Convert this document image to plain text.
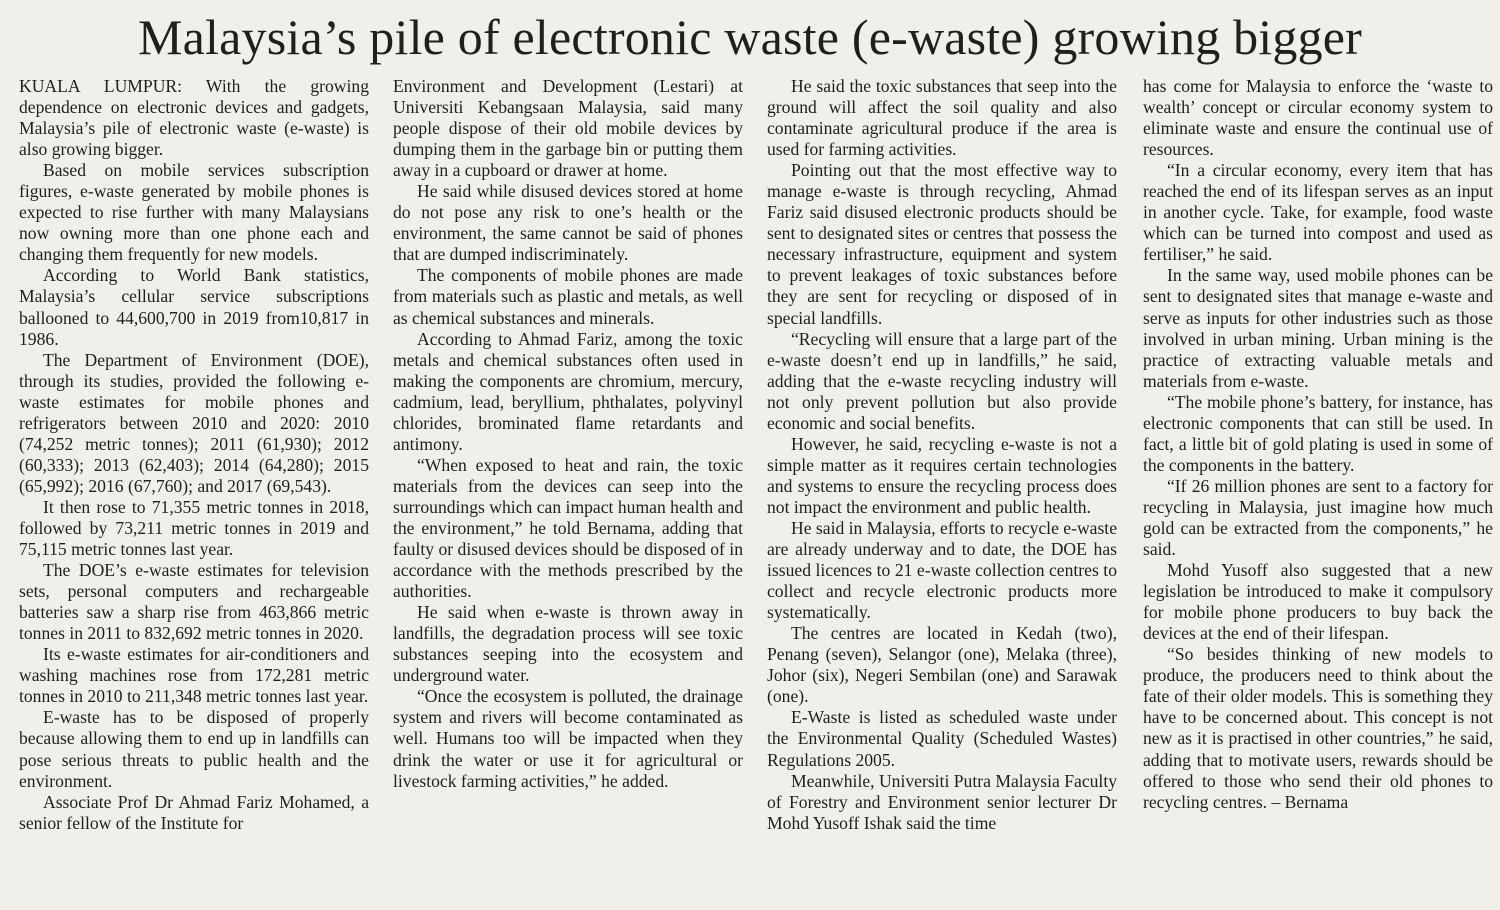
Malaysia’s pile of electronic waste (e-waste) growing bigger

KUALA LUMPUR: With the growing dependence on electronic devices and gadgets, Malaysia’s pile of electronic waste (e-waste) is also growing bigger.

Based on mobile services subscription figures, e-waste generated by mobile phones is expected to rise further with many Malaysians now owning more than one phone each and changing them frequently for new models.

According to World Bank statistics, Malaysia’s cellular service subscriptions ballooned to 44,600,700 in 2019 from10,817 in 1986.

The Department of Environment (DOE), through its studies, provided the following e-waste estimates for mobile phones and refrigerators between 2010 and 2020: 2010 (74,252 metric tonnes); 2011 (61,930); 2012 (60,333); 2013 (62,403); 2014 (64,280); 2015 (65,992); 2016 (67,760); and 2017 (69,543).

It then rose to 71,355 metric tonnes in 2018, followed by 73,211 metric tonnes in 2019 and 75,115 metric tonnes last year.

The DOE’s e-waste estimates for television sets, personal computers and rechargeable batteries saw a sharp rise from 463,866 metric tonnes in 2011 to 832,692 metric tonnes in 2020.

Its e-waste estimates for air-conditioners and washing machines rose from 172,281 metric tonnes in 2010 to 211,348 metric tonnes last year.

E-waste has to be disposed of properly because allowing them to end up in landfills can pose serious threats to public health and the environment.

Associate Prof Dr Ahmad Fariz Mohamed, a senior fellow of the Institute for

Environment and Development (Lestari) at Universiti Kebangsaan Malaysia, said many people dispose of their old mobile devices by dumping them in the garbage bin or putting them away in a cupboard or drawer at home.

He said while disused devices stored at home do not pose any risk to one’s health or the environment, the same cannot be said of phones that are dumped indiscriminately.

The components of mobile phones are made from materials such as plastic and metals, as well as chemical substances and minerals.

According to Ahmad Fariz, among the toxic metals and chemical substances often used in making the components are chromium, mercury, cadmium, lead, beryllium, phthalates, polyvinyl chlorides, brominated flame retardants and antimony.

“When exposed to heat and rain, the toxic materials from the devices can seep into the surroundings which can impact human health and the environment,” he told Bernama, adding that faulty or disused devices should be disposed of in accordance with the methods prescribed by the authorities.

He said when e-waste is thrown away in landfills, the degradation process will see toxic substances seeping into the ecosystem and underground water.

“Once the ecosystem is polluted, the drainage system and rivers will become contaminated as well. Humans too will be impacted when they drink the water or use it for agricultural or livestock farming activities,” he added.

He said the toxic substances that seep into the ground will affect the soil quality and also contaminate agricultural produce if the area is used for farming activities.

Pointing out that the most effective way to manage e-waste is through recycling, Ahmad Fariz said disused electronic products should be sent to designated sites or centres that possess the necessary infrastructure, equipment and system to prevent leakages of toxic substances before they are sent for recycling or disposed of in special landfills.

“Recycling will ensure that a large part of the e-waste doesn’t end up in landfills,” he said, adding that the e-waste recycling industry will not only prevent pollution but also provide economic and social benefits.

However, he said, recycling e-waste is not a simple matter as it requires certain technologies and systems to ensure the recycling process does not impact the environment and public health.

He said in Malaysia, efforts to recycle e-waste are already underway and to date, the DOE has issued licences to 21 e-waste collection centres to collect and recycle electronic products more systematically.

The centres are located in Kedah (two), Penang (seven), Selangor (one), Melaka (three), Johor (six), Negeri Sembilan (one) and Sarawak (one).

E-Waste is listed as scheduled waste under the Environmental Quality (Scheduled Wastes) Regulations 2005.

Meanwhile, Universiti Putra Malaysia Faculty of Forestry and Environment senior lecturer Dr Mohd Yusoff Ishak said the time

has come for Malaysia to enforce the ‘waste to wealth’ concept or circular economy system to eliminate waste and ensure the continual use of resources.

“In a circular economy, every item that has reached the end of its lifespan serves as an input in another cycle. Take, for example, food waste which can be turned into compost and used as fertiliser,” he said.

In the same way, used mobile phones can be sent to designated sites that manage e-waste and serve as inputs for other industries such as those involved in urban mining. Urban mining is the practice of extracting valuable metals and materials from e-waste.

“The mobile phone’s battery, for instance, has electronic components that can still be used. In fact, a little bit of gold plating is used in some of the components in the battery.

“If 26 million phones are sent to a factory for recycling in Malaysia, just imagine how much gold can be extracted from the components,” he said.

Mohd Yusoff also suggested that a new legislation be introduced to make it compulsory for mobile phone producers to buy back the devices at the end of their lifespan.

“So besides thinking of new models to produce, the producers need to think about the fate of their older models. This is something they have to be concerned about. This concept is not new as it is practised in other countries,” he said, adding that to motivate users, rewards should be offered to those who send their old phones to recycling centres. – Bernama
